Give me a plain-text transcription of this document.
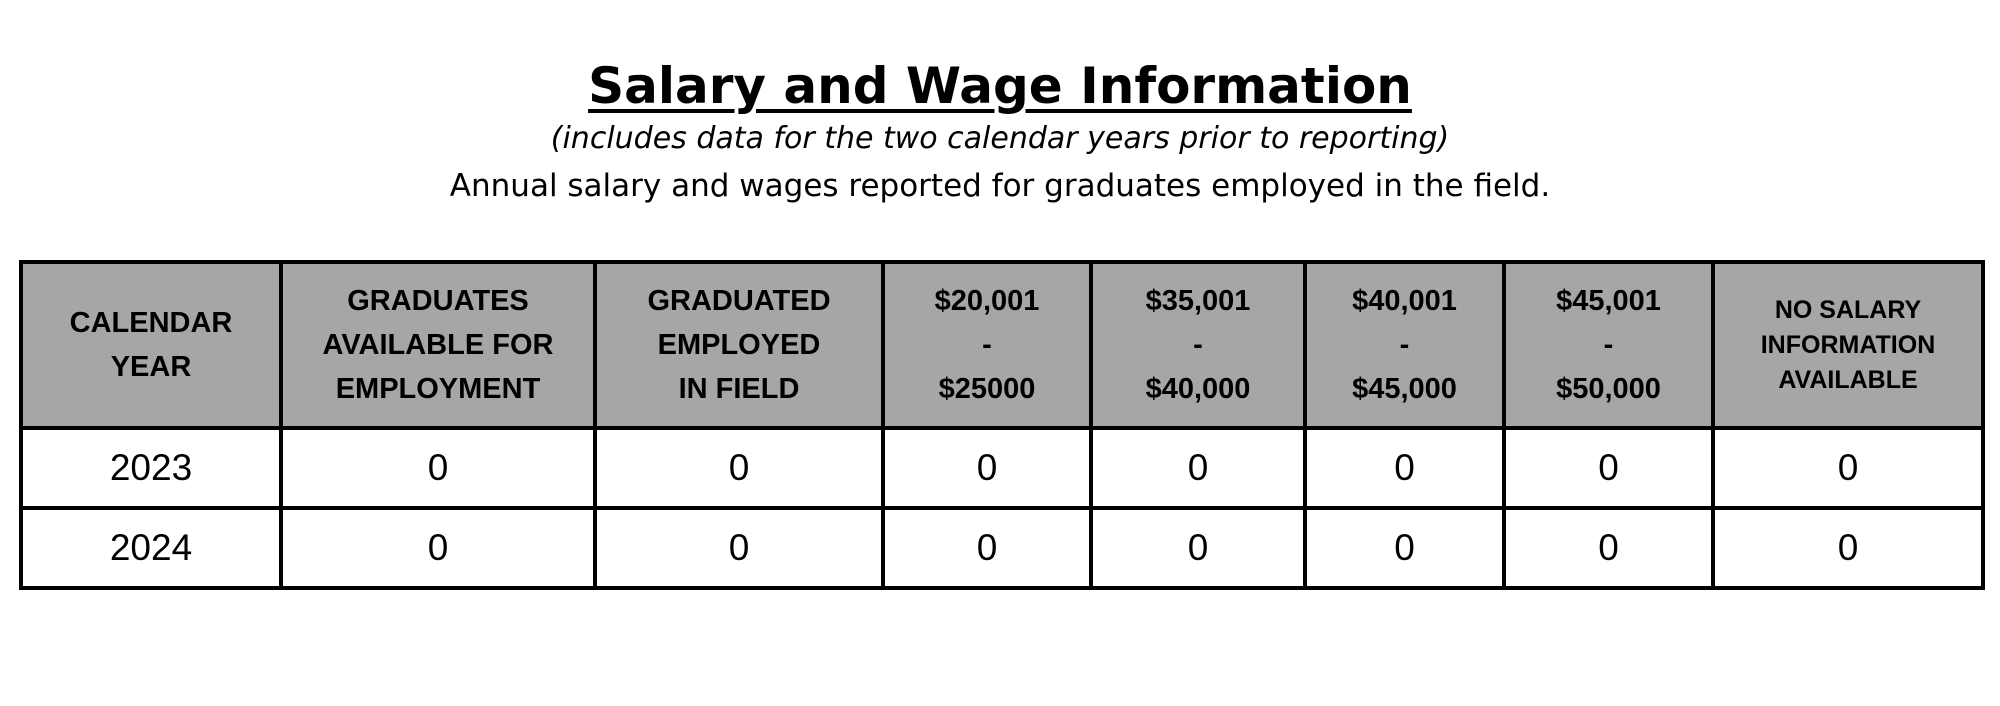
Salary and Wage Information
(includes data for the two calendar years prior to reporting)
Annual salary and wages reported for graduates employed in the field.
CALENDAR
YEAR	GRADUATES
AVAILABLE FOR
EMPLOYMENT	GRADUATED
EMPLOYED
IN FIELD	$20,001
-
$25000	$35,001
-
$40,000	$40,001
-
$45,000	$45,001
-
$50,000	NO SALARY
INFORMATION
AVAILABLE

2023	0	0	0	0	0	0	0
2024	0	0	0	0	0	0	0
